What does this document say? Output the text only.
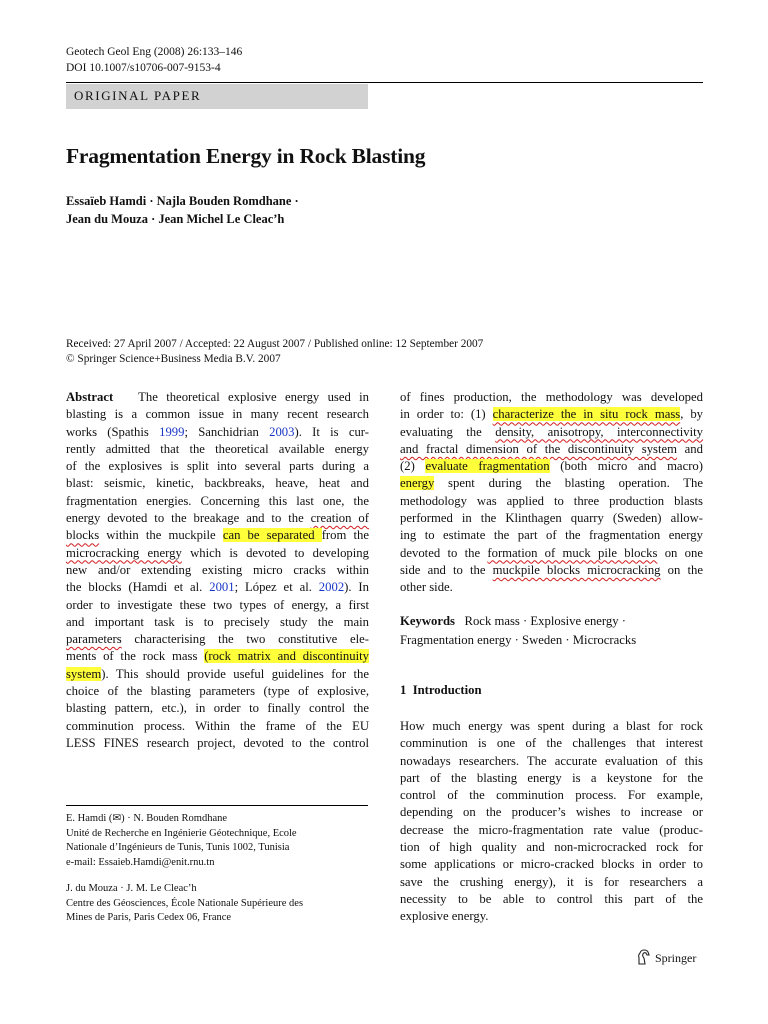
Geotech Geol Eng (2008) 26:133–146
DOI 10.1007/s10706-007-9153-4
ORIGINAL PAPER
Fragmentation Energy in Rock Blasting
Essaïeb Hamdi · Najla Bouden Romdhane ·
Jean du Mouza · Jean Michel Le Cleac’h
Received: 27 April 2007 / Accepted: 22 August 2007 / Published online: 12 September 2007
© Springer Science+Business Media B.V. 2007
Abstract The theoretical explosive energy used in
blasting is a common issue in many recent research
works (Spathis 1999; Sanchidrian 2003). It is cur-
rently admitted that the theoretical available energy
of the explosives is split into several parts during a
blast: seismic, kinetic, backbreaks, heave, heat and
fragmentation energies. Concerning this last one, the
energy devoted to the breakage and to the creation of
blocks within the muckpile can be separated from the
microcracking energy which is devoted to developing
new and/or extending existing micro cracks within
the blocks (Hamdi et al. 2001; López et al. 2002). In
order to investigate these two types of energy, a first
and important task is to precisely study the main
parameters characterising the two constitutive ele-
ments of the rock mass (rock matrix and discontinuity
system). This should provide useful guidelines for the
choice of the blasting parameters (type of explosive,
blasting pattern, etc.), in order to finally control the
comminution process. Within the frame of the EU
LESS FINES research project, devoted to the control
of fines production, the methodology was developed
in order to: (1) characterize the in situ rock mass, by
evaluating the density, anisotropy, interconnectivity
and fractal dimension of the discontinuity system and
(2) evaluate fragmentation (both micro and macro)
energy spent during the blasting operation. The
methodology was applied to three production blasts
performed in the Klinthagen quarry (Sweden) allow-
ing to estimate the part of the fragmentation energy
devoted to the formation of muck pile blocks on one
side and to the muckpile blocks microcracking on the
other side.
Keywords Rock mass · Explosive energy ·
Fragmentation energy · Sweden · Microcracks
1 Introduction
How much energy was spent during a blast for rock
comminution is one of the challenges that interest
nowadays researchers. The accurate evaluation of this
part of the blasting energy is a keystone for the
control of the comminution process. For example,
depending on the producer’s wishes to increase or
decrease the micro-fragmentation rate value (produc-
tion of high quality and non-microcracked rock for
some applications or micro-cracked blocks in order to
save the crushing energy), it is for researchers a
necessity to be able to control this part of the
explosive energy.
E. Hamdi (✉) · N. Bouden Romdhane
Unité de Recherche en Ingénierie Géotechnique, Ecole
Nationale d’Ingénieurs de Tunis, Tunis 1002, Tunisia
e-mail: Essaieb.Hamdi@enit.rnu.tn
J. du Mouza · J. M. Le Cleac’h
Centre des Géosciences, École Nationale Supérieure des
Mines de Paris, Paris Cedex 06, France
Springer
